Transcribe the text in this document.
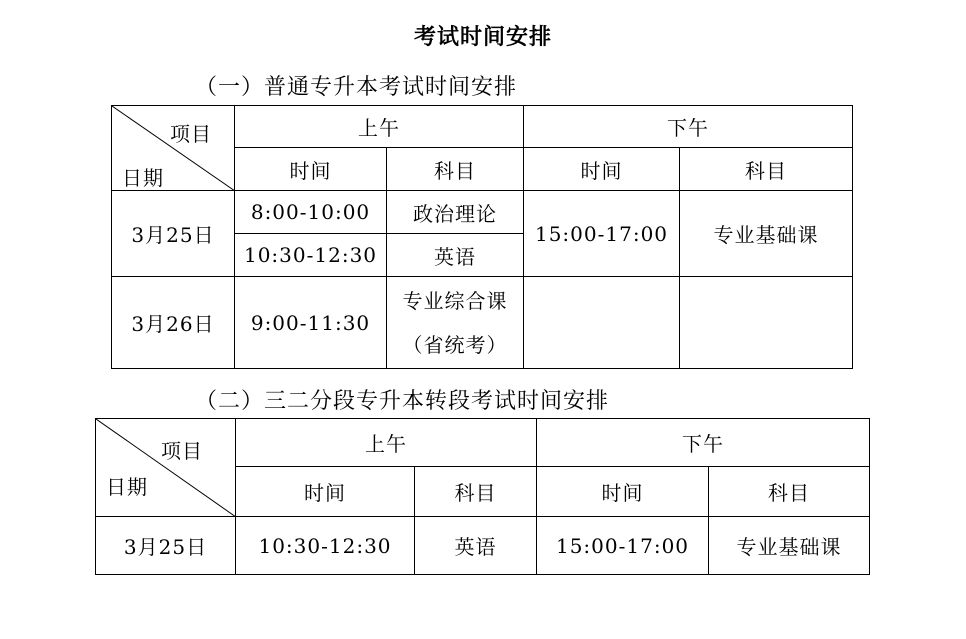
考试时间安排
（一）普通专升本考试时间安排
项目
日期	上午		下午	
	时间	科目	时间	科目
3月25日	8:00-10:00	政治理论	15:00-17:00	专业基础课
	10:30-12:30	英语		
3月26日	9:00-11:30	专业综合课
（省统考）		

（二）三二分段专升本转段考试时间安排
项目
日期	上午		下午	
	时间	科目	时间	科目
3月25日	10:30-12:30	英语	15:00-17:00	专业基础课
